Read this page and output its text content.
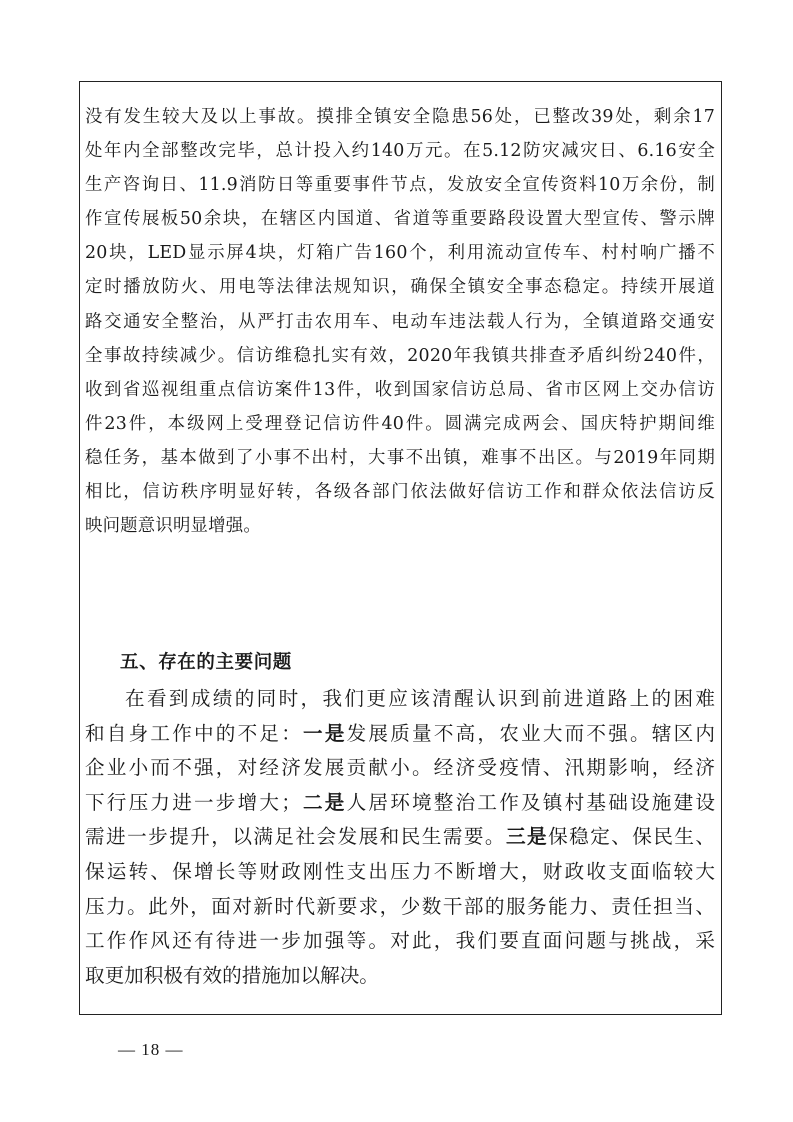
没有发生较大及以上事故。摸排全镇安全隐患56处，已整改39处，剩余17
处年内全部整改完毕，总计投入约140万元。在5.12防灾减灾日、6.16安全
生产咨询日、11.9消防日等重要事件节点，发放安全宣传资料10万余份，制
作宣传展板50余块，在辖区内国道、省道等重要路段设置大型宣传、警示牌
20块，LED显示屏4块，灯箱广告160个，利用流动宣传车、村村响广播不
定时播放防火、用电等法律法规知识，确保全镇安全事态稳定。持续开展道
路交通安全整治，从严打击农用车、电动车违法载人行为，全镇道路交通安
全事故持续减少。信访维稳扎实有效，2020年我镇共排查矛盾纠纷240件，
收到省巡视组重点信访案件13件，收到国家信访总局、省市区网上交办信访
件23件，本级网上受理登记信访件40件。圆满完成两会、国庆特护期间维
稳任务，基本做到了小事不出村，大事不出镇，难事不出区。与2019年同期
相比，信访秩序明显好转，各级各部门依法做好信访工作和群众依法信访反
映问题意识明显增强。
五、存在的主要问题
在看到成绩的同时，我们更应该清醒认识到前进道路上的困难
和自身工作中的不足：一是发展质量不高，农业大而不强。辖区内
企业小而不强，对经济发展贡献小。经济受疫情、汛期影响，经济
下行压力进一步增大；二是人居环境整治工作及镇村基础设施建设
需进一步提升，以满足社会发展和民生需要。三是保稳定、保民生、
保运转、保增长等财政刚性支出压力不断增大，财政收支面临较大
压力。此外，面对新时代新要求，少数干部的服务能力、责任担当、
工作作风还有待进一步加强等。对此，我们要直面问题与挑战，采
取更加积极有效的措施加以解决。
— 18 —
